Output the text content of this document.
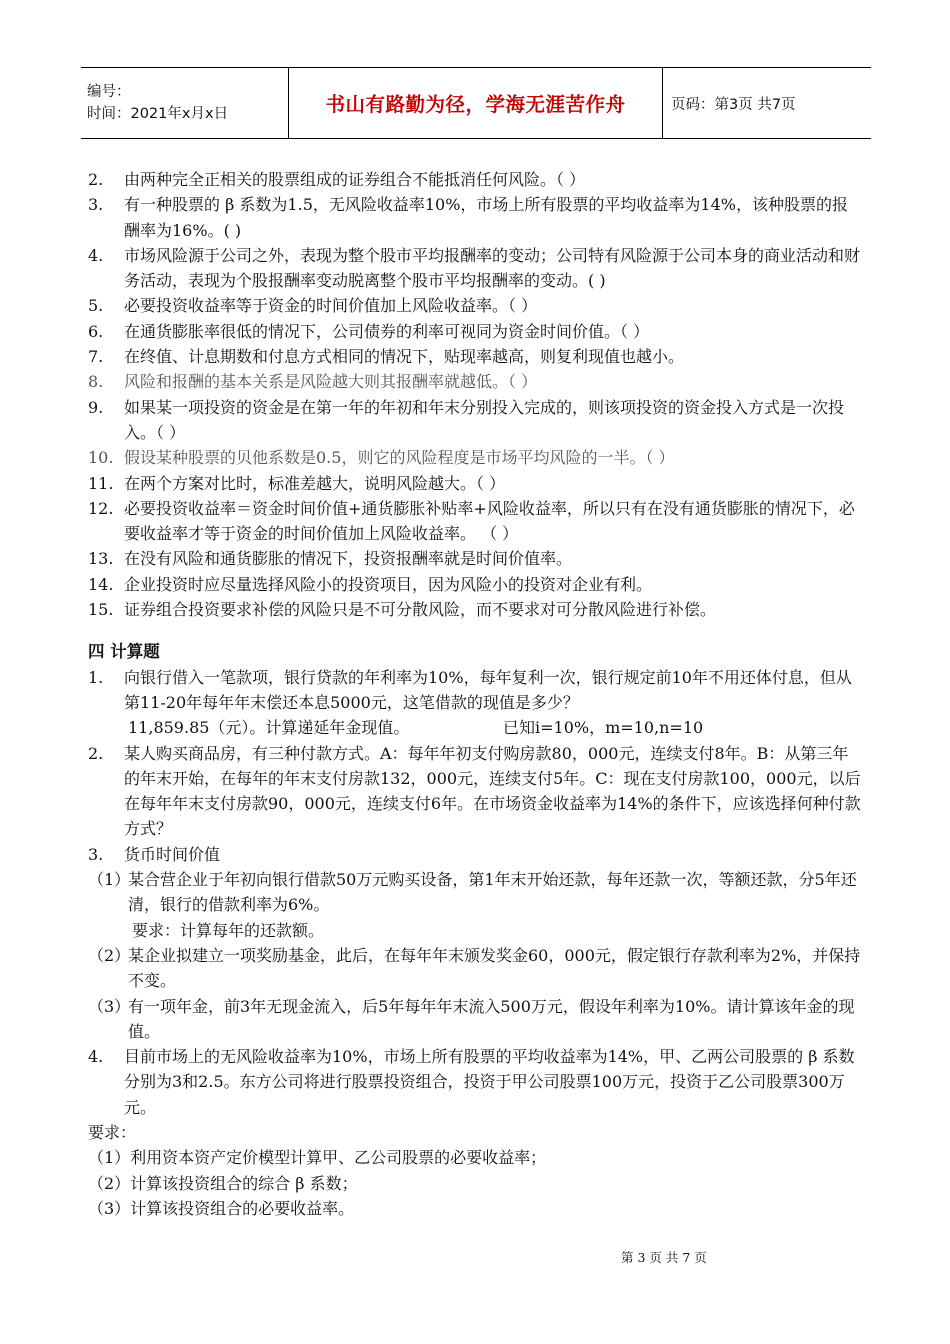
编号：
时间：2021年x月x日	书山有路勤为径，学海无涯苦作舟	页码：第3页 共7页
2.	由两种完全正相关的股票组成的证券组合不能抵消任何风险。（ ）
3.	有一种股票的 β 系数为1.5，无风险收益率10%，市场上所有股票的平均收益率为14%，该种股票的报酬率为16%。( )
4.	市场风险源于公司之外，表现为整个股市平均报酬率的变动；公司特有风险源于公司本身的商业活动和财务活动，表现为个股报酬率变动脱离整个股市平均报酬率的变动。( )
5.	必要投资收益率等于资金的时间价值加上风险收益率。（ ）
6.	在通货膨胀率很低的情况下，公司债券的利率可视同为资金时间价值。（ ）
7.	在终值、计息期数和付息方式相同的情况下，贴现率越高，则复利现值也越小。
8.	风险和报酬的基本关系是风险越大则其报酬率就越低。（ ）
9.	如果某一项投资的资金是在第一年的年初和年末分别投入完成的，则该项投资的资金投入方式是一次投入。（ ）
10. 假设某种股票的贝他系数是0.5，则它的风险程度是市场平均风险的一半。（ ）
11. 在两个方案对比时，标准差越大，说明风险越大。（ ）
12. 必要投资收益率＝资金时间价值+通货膨胀补贴率+风险收益率，所以只有在没有通货膨胀的情况下，必要收益率才等于资金的时间价值加上风险收益率。 （ ）
13. 在没有风险和通货膨胀的情况下，投资报酬率就是时间价值率。
14. 企业投资时应尽量选择风险小的投资项目，因为风险小的投资对企业有利。
15. 证券组合投资要求补偿的风险只是不可分散风险，而不要求对可分散风险进行补偿。
四 计算题
1.	向银行借入一笔款项，银行贷款的年利率为10%，每年复利一次，银行规定前10年不用还体付息，但从第11-20年每年年末偿还本息5000元，这笔借款的现值是多少？
11,859.85（元）。计算递延年金现值。	已知i=10%，m=10,n=10
2.	某人购买商品房，有三种付款方式。A：每年年初支付购房款80，000元，连续支付8年。B：从第三年的年末开始，在每年的年末支付房款132，000元，连续支付5年。C：现在支付房款100，000元，以后在每年年末支付房款90，000元，连续支付6年。在市场资金收益率为14%的条件下，应该选择何种付款方式？
3.	货币时间价值
（1）
某合营企业于年初向银行借款50万元购买设备，第1年末开始还款，每年还款一次，等额还款，分5年还清，银行的借款利率为6%。
要求：计算每年的还款额。
（2）
某企业拟建立一项奖励基金，此后，在每年年末颁发奖金60，000元，假定银行存款利率为2%，并保持不变。
（3）
有一项年金，前3年无现金流入，后5年每年年末流入500万元，假设年利率为10%。请计算该年金的现值。
4.	目前市场上的无风险收益率为10%，市场上所有股票的平均收益率为14%，甲、乙两公司股票的 β 系数分别为3和2.5。东方公司将进行股票投资组合，投资于甲公司股票100万元，投资于乙公司股票300万元。
要求：
（1）利用资本资产定价模型计算甲、乙公司股票的必要收益率；
（2）计算该投资组合的综合 β 系数；
（3）计算该投资组合的必要收益率。
第 3 页 共 7 页
